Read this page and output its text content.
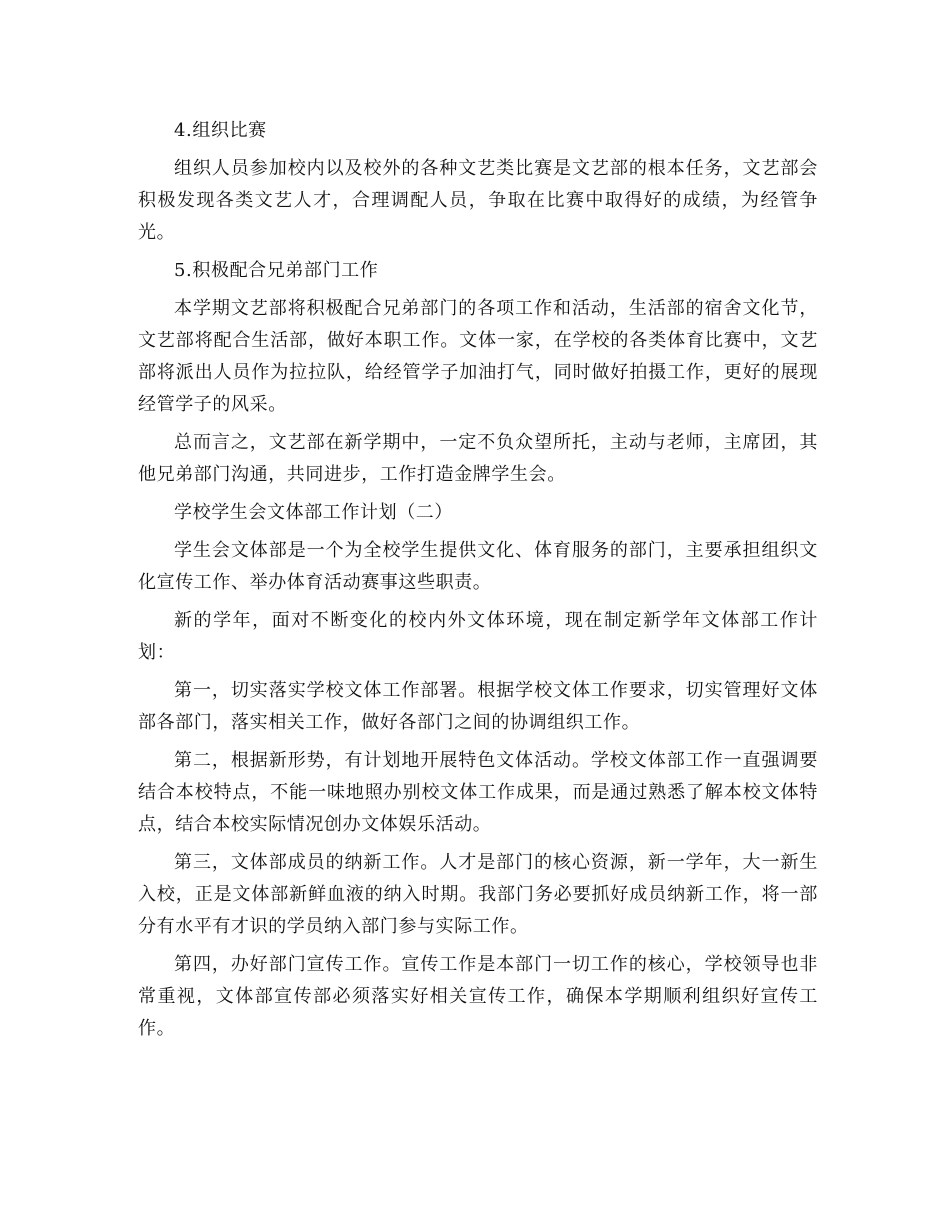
4.组织比赛

组织人员参加校内以及校外的各种文艺类比赛是文艺部的根本任务，文艺部会积极发现各类文艺人才，合理调配人员，争取在比赛中取得好的成绩，为经管争光。

5.积极配合兄弟部门工作

本学期文艺部将积极配合兄弟部门的各项工作和活动，生活部的宿舍文化节，文艺部将配合生活部，做好本职工作。文体一家，在学校的各类体育比赛中，文艺部将派出人员作为拉拉队，给经管学子加油打气，同时做好拍摄工作，更好的展现经管学子的风采。

总而言之，文艺部在新学期中，一定不负众望所托，主动与老师，主席团，其他兄弟部门沟通，共同进步，工作打造金牌学生会。

学校学生会文体部工作计划（二）

学生会文体部是一个为全校学生提供文化、体育服务的部门，主要承担组织文化宣传工作、举办体育活动赛事这些职责。

新的学年，面对不断变化的校内外文体环境，现在制定新学年文体部工作计划：

第一，切实落实学校文体工作部署。根据学校文体工作要求，切实管理好文体部各部门，落实相关工作，做好各部门之间的协调组织工作。

第二，根据新形势，有计划地开展特色文体活动。学校文体部工作一直强调要结合本校特点，不能一味地照办别校文体工作成果，而是通过熟悉了解本校文体特点，结合本校实际情况创办文体娱乐活动。

第三，文体部成员的纳新工作。人才是部门的核心资源，新一学年，大一新生入校，正是文体部新鲜血液的纳入时期。我部门务必要抓好成员纳新工作，将一部分有水平有才识的学员纳入部门参与实际工作。

第四，办好部门宣传工作。宣传工作是本部门一切工作的核心，学校领导也非常重视，文体部宣传部必须落实好相关宣传工作，确保本学期顺利组织好宣传工作。
